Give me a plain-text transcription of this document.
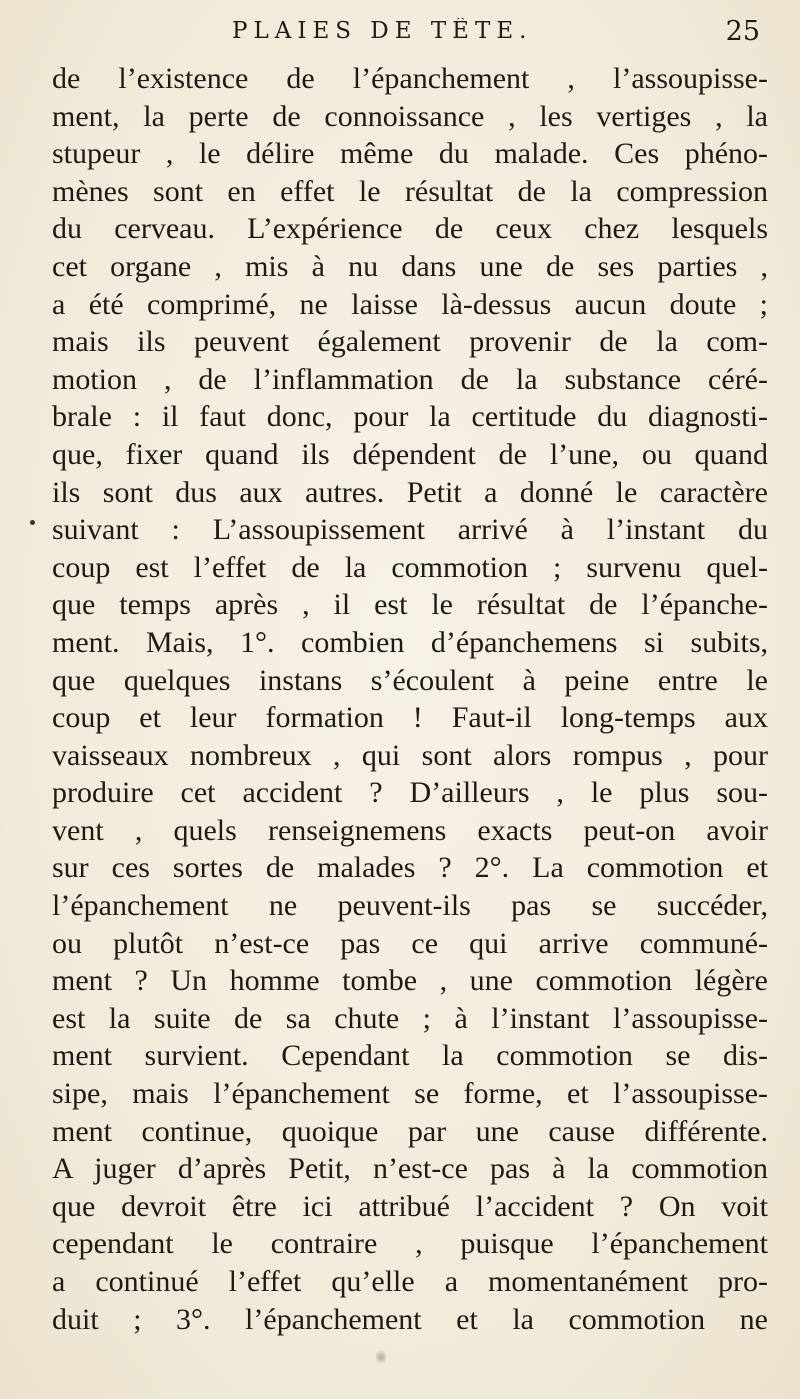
PLAIES DE TÊTE.	25
de l’existence de l’épanchement , l’assoupisse-
ment, la perte de connoissance , les vertiges , la
stupeur , le délire même du malade. Ces phéno-
mènes sont en effet le résultat de la compression
du cerveau. L’expérience de ceux chez lesquels
cet organe , mis à nu dans une de ses parties ,
a été comprimé, ne laisse là-dessus aucun doute ;
mais ils peuvent également provenir de la com-
motion , de l’inflammation de la substance céré-
brale : il faut donc, pour la certitude du diagnosti-
que, fixer quand ils dépendent de l’une, ou quand
ils sont dus aux autres. Petit a donné le caractère
suivant : L’assoupissement arrivé à l’instant du
coup est l’effet de la commotion ; survenu quel-
que temps après , il est le résultat de l’épanche-
ment. Mais, 1°. combien d’épanchemens si subits,
que quelques instans s’écoulent à peine entre le
coup et leur formation ! Faut-il long-temps aux
vaisseaux nombreux , qui sont alors rompus , pour
produire cet accident ? D’ailleurs , le plus sou-
vent , quels renseignemens exacts peut-on avoir
sur ces sortes de malades ? 2°. La commotion et
l’épanchement ne peuvent-ils pas se succéder,
ou plutôt n’est-ce pas ce qui arrive communé-
ment ? Un homme tombe , une commotion légère
est la suite de sa chute ; à l’instant l’assoupisse-
ment survient. Cependant la commotion se dis-
sipe, mais l’épanchement se forme, et l’assoupisse-
ment continue, quoique par une cause différente.
A juger d’après Petit, n’est-ce pas à la commotion
que devroit être ici attribué l’accident ? On voit
cependant le contraire , puisque l’épanchement
a continué l’effet qu’elle a momentanément pro-
duit ; 3°. l’épanchement et la commotion ne
